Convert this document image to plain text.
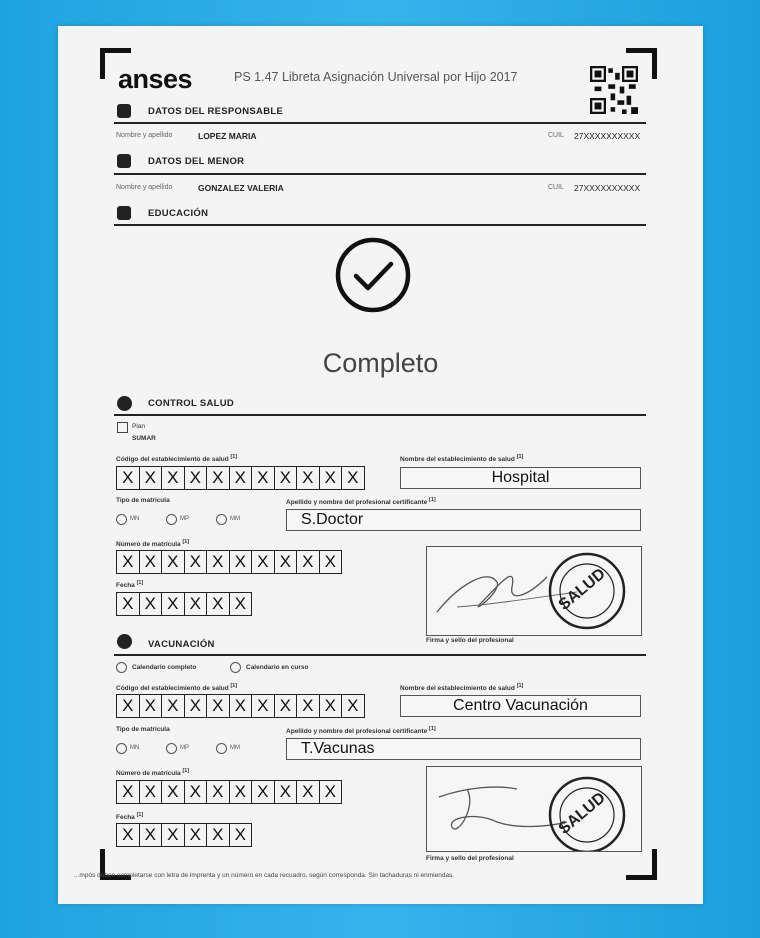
anses	PS 1.47 Libreta Asignación Universal por Hijo 2017
DATOS DEL RESPONSABLE
Nombre y apellido	LOPEZ MARIA	CUIL 27XXXXXXXXXX
DATOS DEL MENOR
Nombre y apellido	GONZALEZ VALERIA	CUIL 27XXXXXXXXXX
EDUCACIÓN
Completo
CONTROL SALUD
Plan
SUMAR
Código del establecimiento de salud [1]
X X X X X X X X X X X
Nombre del establecimiento de salud [1]
Hospital
Tipo de matrícula
MN	MP	MM
Apellido y nombre del profesional certificante [1]
S.Doctor
Número de matrícula [1]
X X X X X X X X X X
Fecha [1]
X X X X X X	SALUD
Firma y sello del profesional
VACUNACIÓN
Calendario completo	Calendario en curso
Código del establecimiento de salud [1]
X X X X X X X X X X X
Nombre del establecimiento de salud [1]
Centro Vacunación
Tipo de matrícula
MN	MP	MM
Apellido y nombre del profesional certificante [1]
T.Vacunas
Número de matrícula [1]
X X X X X X X X X X
Fecha [1]
X X X X X X	SALUD
Firma y sello del profesional
...mpos deben completarse con letra de imprenta y un número en cada recuadro, según corresponda. Sin tachaduras ni enmiendas.
